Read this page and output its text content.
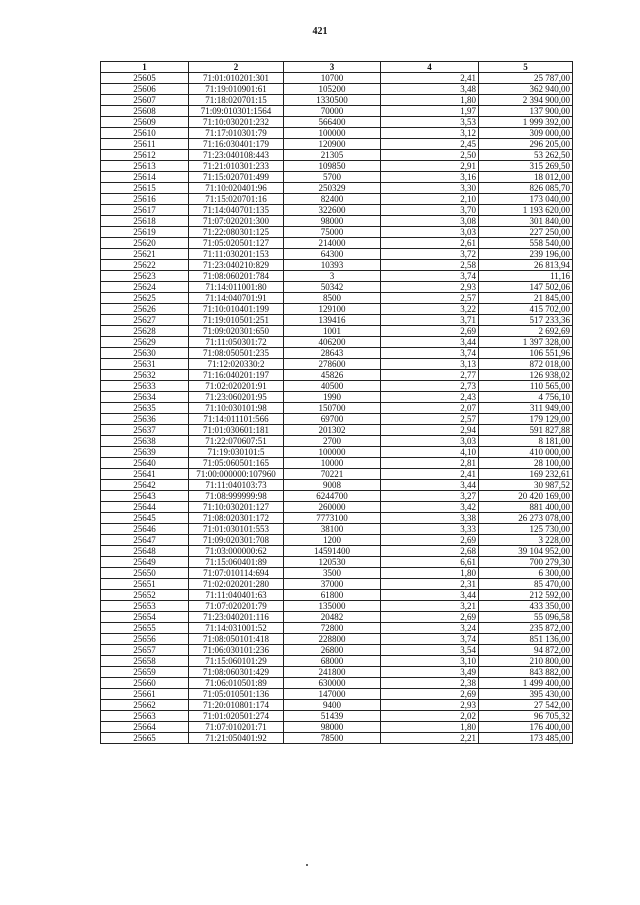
421
1	2	3	4	5
25605	71:01:010201:301	10700	2,41	25 787,00
25606	71:19:010901:61	105200	3,48	362 940,00
25607	71:18:020701:15	1330500	1,80	2 394 900,00
25608	71:09:010301:1564	70000	1,97	137 900,00
25609	71:10:030201:232	566400	3,53	1 999 392,00
25610	71:17:010301:79	100000	3,12	309 000,00
25611	71:16:030401:179	120900	2,45	296 205,00
25612	71:23:040108:443	21305	2,50	53 262,50
25613	71:21:010301:233	109850	2,91	315 269,50
25614	71:15:020701:499	5700	3,16	18 012,00
25615	71:10:020401:96	250329	3,30	826 085,70
25616	71:15:020701:16	82400	2,10	173 040,00
25617	71:14:040701:135	322600	3,70	1 193 620,00
25618	71:07:020201:300	98000	3,08	301 840,00
25619	71:22:080301:125	75000	3,03	227 250,00
25620	71:05:020501:127	214000	2,61	558 540,00
25621	71:11:030201:153	64300	3,72	239 196,00
25622	71:23:040210:829	10393	2,58	26 813,94
25623	71:08:060201:784	3	3,74	11,16
25624	71:14:011001:80	50342	2,93	147 502,06
25625	71:14:040701:91	8500	2,57	21 845,00
25626	71:10:010401:199	129100	3,22	415 702,00
25627	71:19:010501:251	139416	3,71	517 233,36
25628	71:09:020301:650	1001	2,69	2 692,69
25629	71:11:050301:72	406200	3,44	1 397 328,00
25630	71:08:050501:235	28643	3,74	106 551,96
25631	71:12:020330:2	278600	3,13	872 018,00
25632	71:16:040201:197	45826	2,77	126 938,02
25633	71:02:020201:91	40500	2,73	110 565,00
25634	71:23:060201:95	1990	2,43	4 756,10
25635	71:10:030101:98	150700	2,07	311 949,00
25636	71:14:011101:566	69700	2,57	179 129,00
25637	71:01:030601:181	201302	2,94	591 827,88
25638	71:22:070607:51	2700	3,03	8 181,00
25639	71:19:030101:5	100000	4,10	410 000,00
25640	71:05:060501:165	10000	2,81	28 100,00
25641	71:00:000000:107960	70221	2,41	169 232,61
25642	71:11:040103:73	9008	3,44	30 987,52
25643	71:08:999999:98	6244700	3,27	20 420 169,00
25644	71:10:030201:127	260000	3,42	881 400,00
25645	71:08:020301:172	7773100	3,38	26 273 078,00
25646	71:01:030101:553	38100	3,33	125 730,00
25647	71:09:020301:708	1200	2,69	3 228,00
25648	71:03:000000:62	14591400	2,68	39 104 952,00
25649	71:15:060401:89	120530	6,61	700 279,30
25650	71:07:010114:694	3500	1,80	6 300,00
25651	71:02:020201:280	37000	2,31	85 470,00
25652	71:11:040401:63	61800	3,44	212 592,00
25653	71:07:020201:79	135000	3,21	433 350,00
25654	71:23:040201:116	20482	2,69	55 096,58
25655	71:14:031001:52	72800	3,24	235 872,00
25656	71:08:050101:418	228800	3,74	851 136,00
25657	71:06:030101:236	26800	3,54	94 872,00
25658	71:15:060101:29	68000	3,10	210 800,00
25659	71:08:060301:429	241800	3,49	843 882,00
25660	71:06:010501:89	630000	2,38	1 499 400,00
25661	71:05:010501:136	147000	2,69	395 430,00
25662	71:20:010801:174	9400	2,93	27 542,00
25663	71:01:020501:274	51439	2,02	96 705,32
25664	71:07:010201:71	98000	1,80	176 400,00
25665	71:21:050401:92	78500	2,21	173 485,00
